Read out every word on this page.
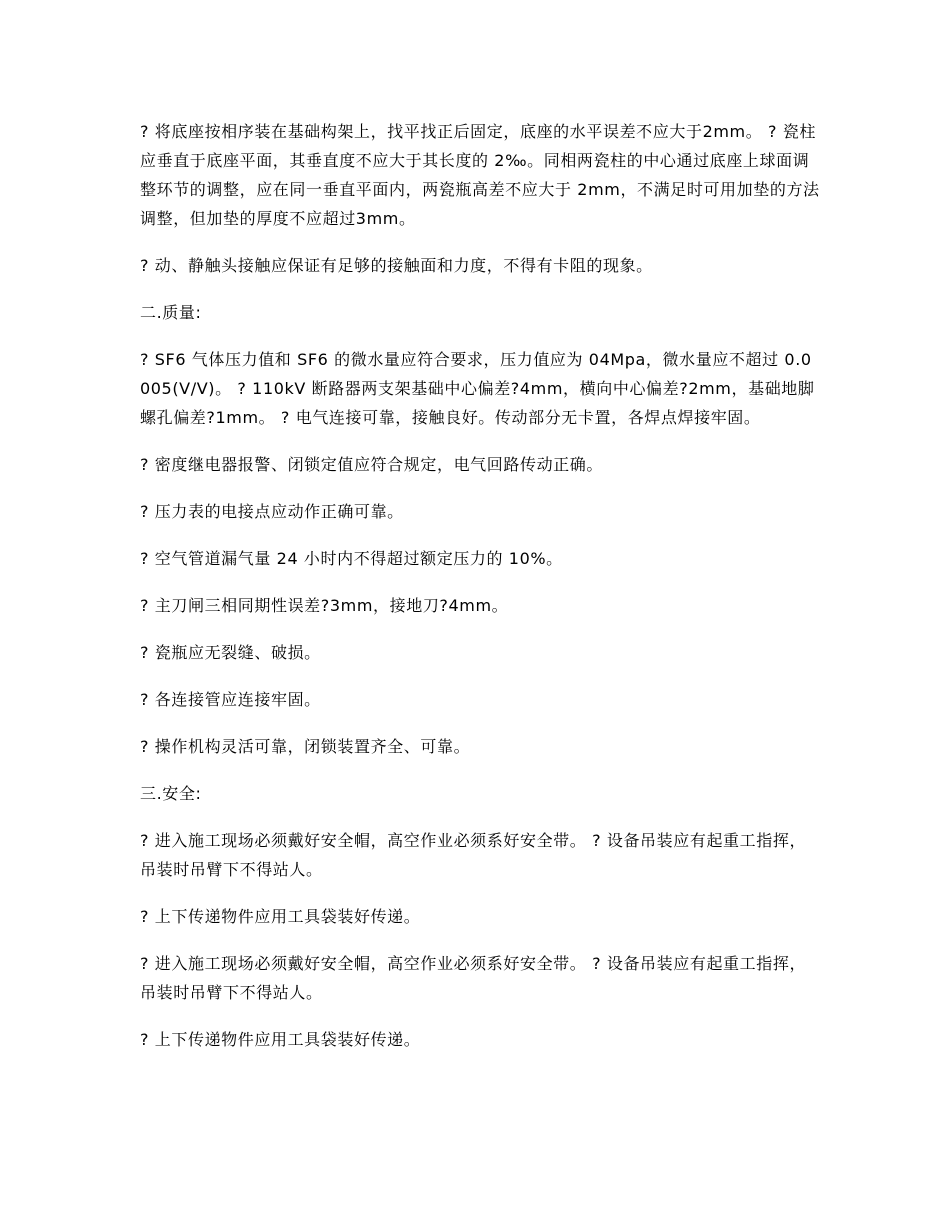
? 将底座按相序装在基础构架上，找平找正后固定，底座的水平误差不应大于2mm。 ? 瓷柱应垂直于底座平面，其垂直度不应大于其长度的 2‰。同相两瓷柱的中心通过底座上球面调整环节的调整，应在同一垂直平面内，两瓷瓶高差不应大于 2mm，不满足时可用加垫的方法调整，但加垫的厚度不应超过3mm。

? 动、静触头接触应保证有足够的接触面和力度，不得有卡阻的现象。

二.质量:

? SF6 气体压力值和 SF6 的微水量应符合要求，压力值应为 04Mpa，微水量应不超过 0.0005(V/V)。 ? 110kV 断路器两支架基础中心偏差?4mm，横向中心偏差?2mm，基础地脚螺孔偏差?1mm。 ? 电气连接可靠，接触良好。传动部分无卡置，各焊点焊接牢固。

? 密度继电器报警、闭锁定值应符合规定，电气回路传动正确。

? 压力表的电接点应动作正确可靠。

? 空气管道漏气量 24 小时内不得超过额定压力的 10%。

? 主刀闸三相同期性误差?3mm，接地刀?4mm。

? 瓷瓶应无裂缝、破损。

? 各连接管应连接牢固。

? 操作机构灵活可靠，闭锁装置齐全、可靠。

三.安全:

? 进入施工现场必须戴好安全帽，高空作业必须系好安全带。 ? 设备吊装应有起重工指挥，吊装时吊臂下不得站人。

? 上下传递物件应用工具袋装好传递。

? 进入施工现场必须戴好安全帽，高空作业必须系好安全带。 ? 设备吊装应有起重工指挥，吊装时吊臂下不得站人。

? 上下传递物件应用工具袋装好传递。
